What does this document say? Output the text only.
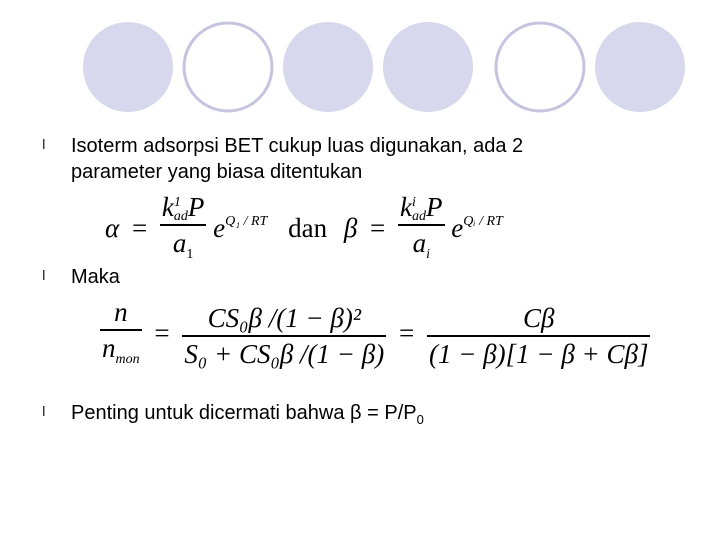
l	Isoterm adsorpsi BET cukup luas digunakan, ada 2
parameter yang biasa ditentukan
α = k 1
ad P
$a_1$ $e^{Q_1 / RT}$ dan β = k i
ad P
$a_i$ $e^{Qᵢ / RT}$
l	Maka
$\frac{n}{n_{mon}} = \frac{\text{CS₀β /(1 − β)²}}{\text{S₀ + CS₀β /(1 − β)}} = \frac{C\beta}{(1 - \beta)[1 - \beta + C\beta]}$
l	Penting untuk dicermati bahwa $\beta = P/P_0$
